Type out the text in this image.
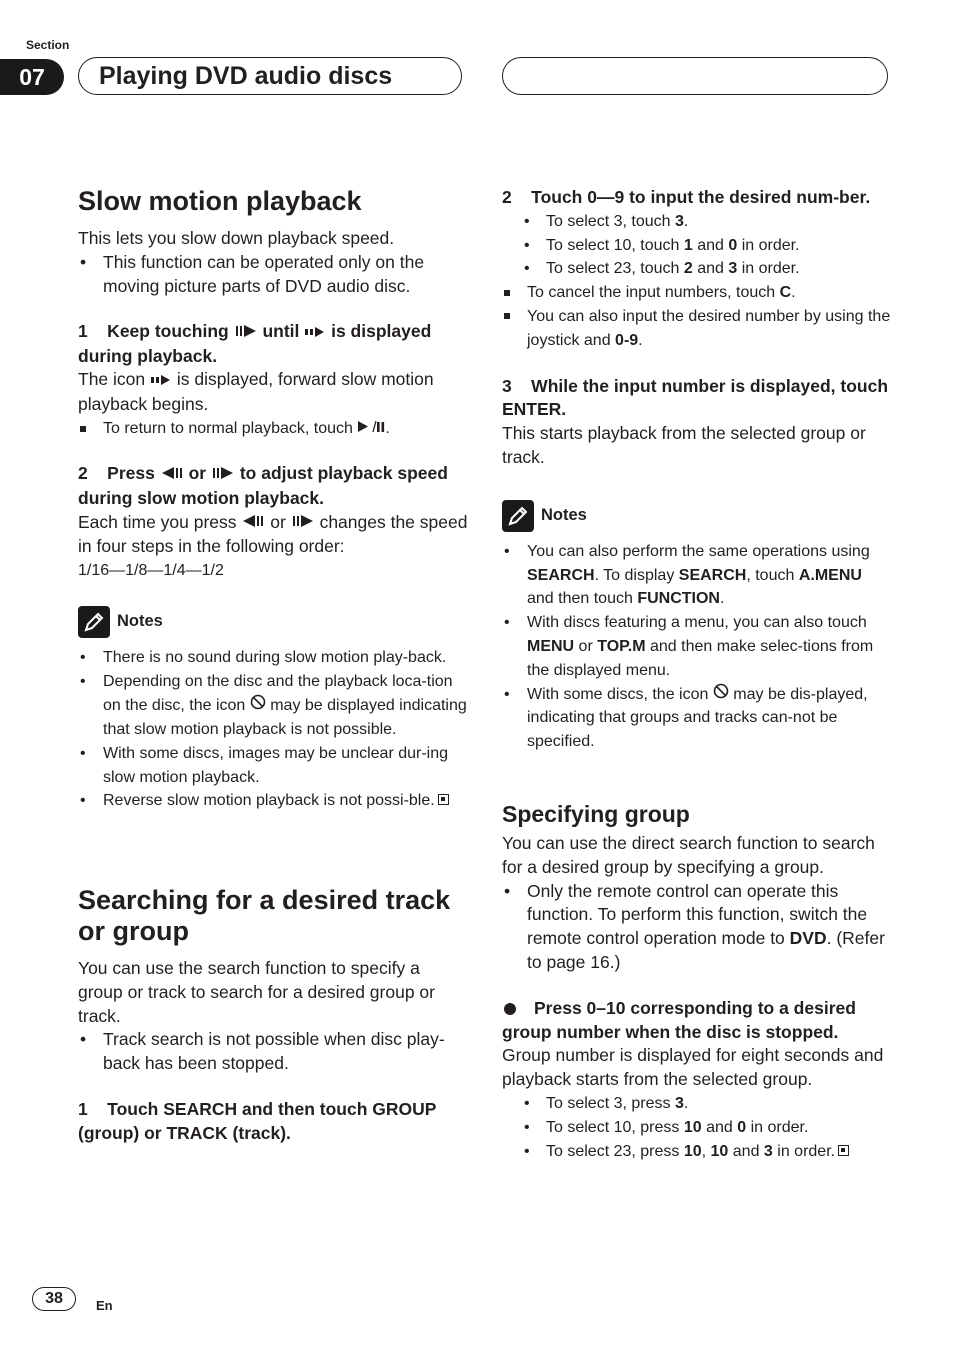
Section
07	Playing DVD audio discs
Slow motion playback

This lets you slow down playback speed.

• This function can be operated only on the moving picture parts of DVD audio disc.

1    Keep touching  until  is displayed during playback.

The icon  is displayed, forward slow motion playback begins.

To return to normal playback, touch .

2    Press  or  to adjust playback speed during slow motion playback.

Each time you press  or  changes the speed in four steps in the following order:

1/16—1/8—1/4—1/2

Notes

• There is no sound during slow motion play-back.
• Depending on the disc and the playback loca-tion on the disc, the icon may be displayed indicating that slow motion playback is not possible.
• With some discs, images may be unclear dur-ing slow motion playback.
• Reverse slow motion playback is not possi-ble.
Searching for a desired track or group

You can use the search function to specify a group or track to search for a desired group or track.

• Track search is not possible when disc play-back has been stopped.

1    Touch SEARCH and then touch GROUP (group) or TRACK (track).

2    Touch 0—9 to input the desired num-ber.

• To select 3, touch 3.
• To select 10, touch 1 and 0 in order.
• To select 23, touch 2 and 3 in order.
To cancel the input numbers, touch C.

You can also input the desired number by using the joystick and 0-9.

3    While the input number is displayed, touch ENTER.

This starts playback from the selected group or track.

Notes

• You can also perform the same operations using SEARCH. To display SEARCH, touch A.MENU and then touch FUNCTION.
• With discs featuring a menu, you can also touch MENU or TOP.M and then make selec-tions from the displayed menu.
• With some discs, the icon  may be dis-played, indicating that groups and tracks can-not be specified.
Specifying group

You can use the direct search function to search for a desired group by specifying a group.

• Only the remote control can operate this function. To perform this function, switch the remote control operation mode to DVD. (Refer to page 16.)
Press 0–10 corresponding to a desired group number when the disc is stopped.

Group number is displayed for eight seconds and playback starts from the selected group.

• To select 3, press 3.
• To select 10, press 10 and 0 in order.
• To select 23, press 10, 10 and 3 in order.
38	En
